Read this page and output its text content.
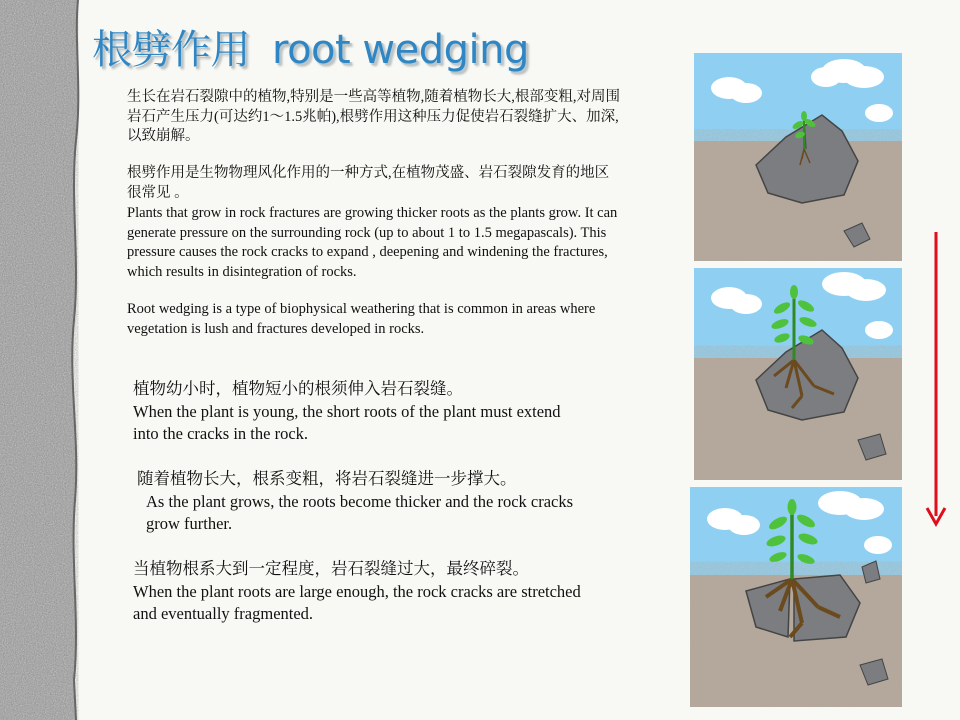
根劈作用 root wedging

生长在岩石裂隙中的植物,特别是一些高等植物,随着植物长大,根部变粗,对周围岩石产生压力(可达约1～1.5兆帕),根劈作用这种压力促使岩石裂缝扩大、加深,以致崩解。

根劈作用是生物物理风化作用的一种方式,在植物茂盛、岩石裂隙发育的地区很常见 。

Plants that grow in rock fractures are growing thicker roots as the plants grow. It can generate pressure on the surrounding rock (up to about 1 to 1.5 megapascals). This pressure causes the rock cracks to expand , deepening and windening the fractures, which results in disintegration of rocks.

Root wedging is a type of biophysical weathering that is common in areas where vegetation is lush and fractures developed in rocks.

植物幼小时，植物短小的根须伸入岩石裂缝。
When the plant is young, the short roots of the plant must extend into the cracks in the rock.
随着植物长大，根系变粗，将岩石裂缝进一步撑大。
As the plant grows, the roots become thicker and the rock cracks grow further.
当植物根系大到一定程度，岩石裂缝过大，最终碎裂。
When the plant roots are large enough, the rock cracks are stretched and eventually fragmented.
